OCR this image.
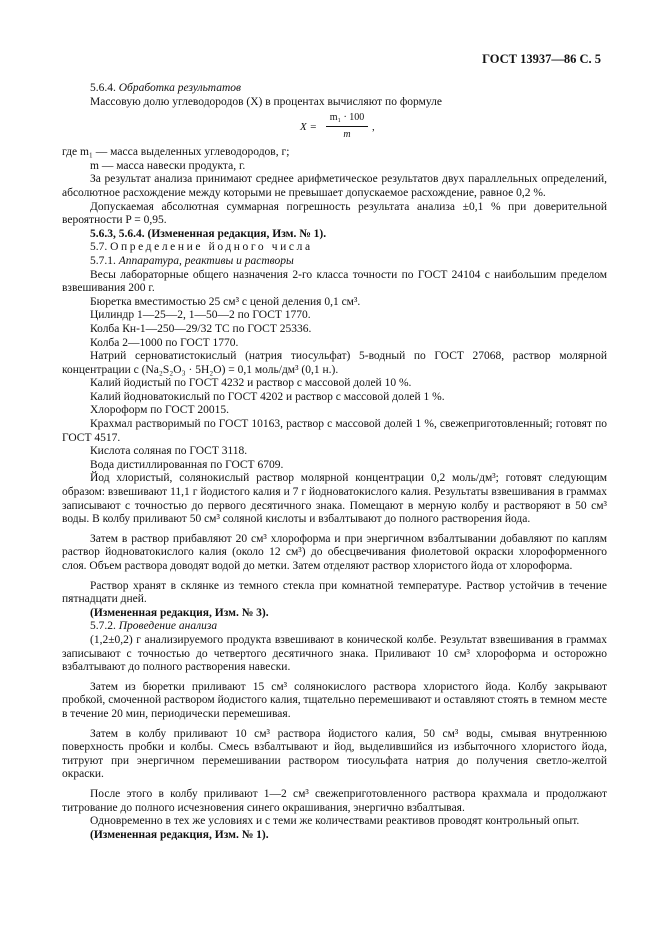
ГОСТ 13937—86 С. 5

5.6.4. Обработка результатов

Массовую долю углеводородов (X) в процентах вычисляют по формуле

$X = \frac{\text{m₁ · 100}}{m}$ ,

где m₁ — масса выделенных углеводородов, г;

m — масса навески продукта, г.

За результат анализа принимают среднее арифметическое результатов двух параллельных определений, абсолютное расхождение между которыми не превышает допускаемое расхождение, равное 0,2 %.

Допускаемая абсолютная суммарная погрешность результата анализа ±0,1 % при доверительной вероятности P = 0,95.

5.6.3, 5.6.4. (Измененная редакция, Изм. № 1).

5.7. Определение йодного числа

5.7.1. Аппаратура, реактивы и растворы

Весы лабораторные общего назначения 2-го класса точности по ГОСТ 24104 с наибольшим пределом взвешивания 200 г.

Бюретка вместимостью 25 см³ с ценой деления 0,1 см³.

Цилиндр 1—25—2, 1—50—2 по ГОСТ 1770.

Колба Кн-1—250—29/32 ТС по ГОСТ 25336.

Колба 2—1000 по ГОСТ 1770.

Натрий серноватистокислый (натрия тиосульфат) 5-водный по ГОСТ 27068, раствор молярной концентрации c (Na₂S₂O₃ · 5H₂O) = 0,1 моль/дм³ (0,1 н.).

Калий йодистый по ГОСТ 4232 и раствор с массовой долей 10 %.

Калий йодноватокислый по ГОСТ 4202 и раствор с массовой долей 1 %.

Хлороформ по ГОСТ 20015.

Крахмал растворимый по ГОСТ 10163, раствор с массовой долей 1 %, свежеприготовленный; готовят по ГОСТ 4517.

Кислота соляная по ГОСТ 3118.

Вода дистиллированная по ГОСТ 6709.

Йод хлористый, солянокислый раствор молярной концентрации 0,2 моль/дм³; готовят следующим образом: взвешивают 11,1 г йодистого калия и 7 г йодноватокислого калия. Результаты взвешивания в граммах записывают с точностью до первого десятичного знака. Помещают в мерную колбу и растворяют в 50 см³ воды. В колбу приливают 50 см³ соляной кислоты и взбалтывают до полного растворения йода.

Затем в раствор прибавляют 20 см³ хлороформа и при энергичном взбалтывании добавляют по каплям раствор йодноватокислого калия (около 12 см³) до обесцвечивания фиолетовой окраски хлороформенного слоя. Объем раствора доводят водой до метки. Затем отделяют раствор хлористого йода от хлороформа.

Раствор хранят в склянке из темного стекла при комнатной температуре. Раствор устойчив в течение пятнадцати дней.

(Измененная редакция, Изм. № 3).

5.7.2. Проведение анализа

(1,2±0,2) г анализируемого продукта взвешивают в конической колбе. Результат взвешивания в граммах записывают с точностью до четвертого десятичного знака. Приливают 10 см³ хлороформа и осторожно взбалтывают до полного растворения навески.

Затем из бюретки приливают 15 см³ солянокислого раствора хлористого йода. Колбу закрывают пробкой, смоченной раствором йодистого калия, тщательно перемешивают и оставляют стоять в темном месте в течение 20 мин, периодически перемешивая.

Затем в колбу приливают 10 см³ раствора йодистого калия, 50 см³ воды, смывая внутреннюю поверхность пробки и колбы. Смесь взбалтывают и йод, выделившийся из избыточного хлористого йода, титруют при энергичном перемешивании раствором тиосульфата натрия до получения светло-желтой окраски.

После этого в колбу приливают 1—2 см³ свежеприготовленного раствора крахмала и продолжают титрование до полного исчезновения синего окрашивания, энергично взбалтывая.

Одновременно в тех же условиях и с теми же количествами реактивов проводят контрольный опыт.

(Измененная редакция, Изм. № 1).
